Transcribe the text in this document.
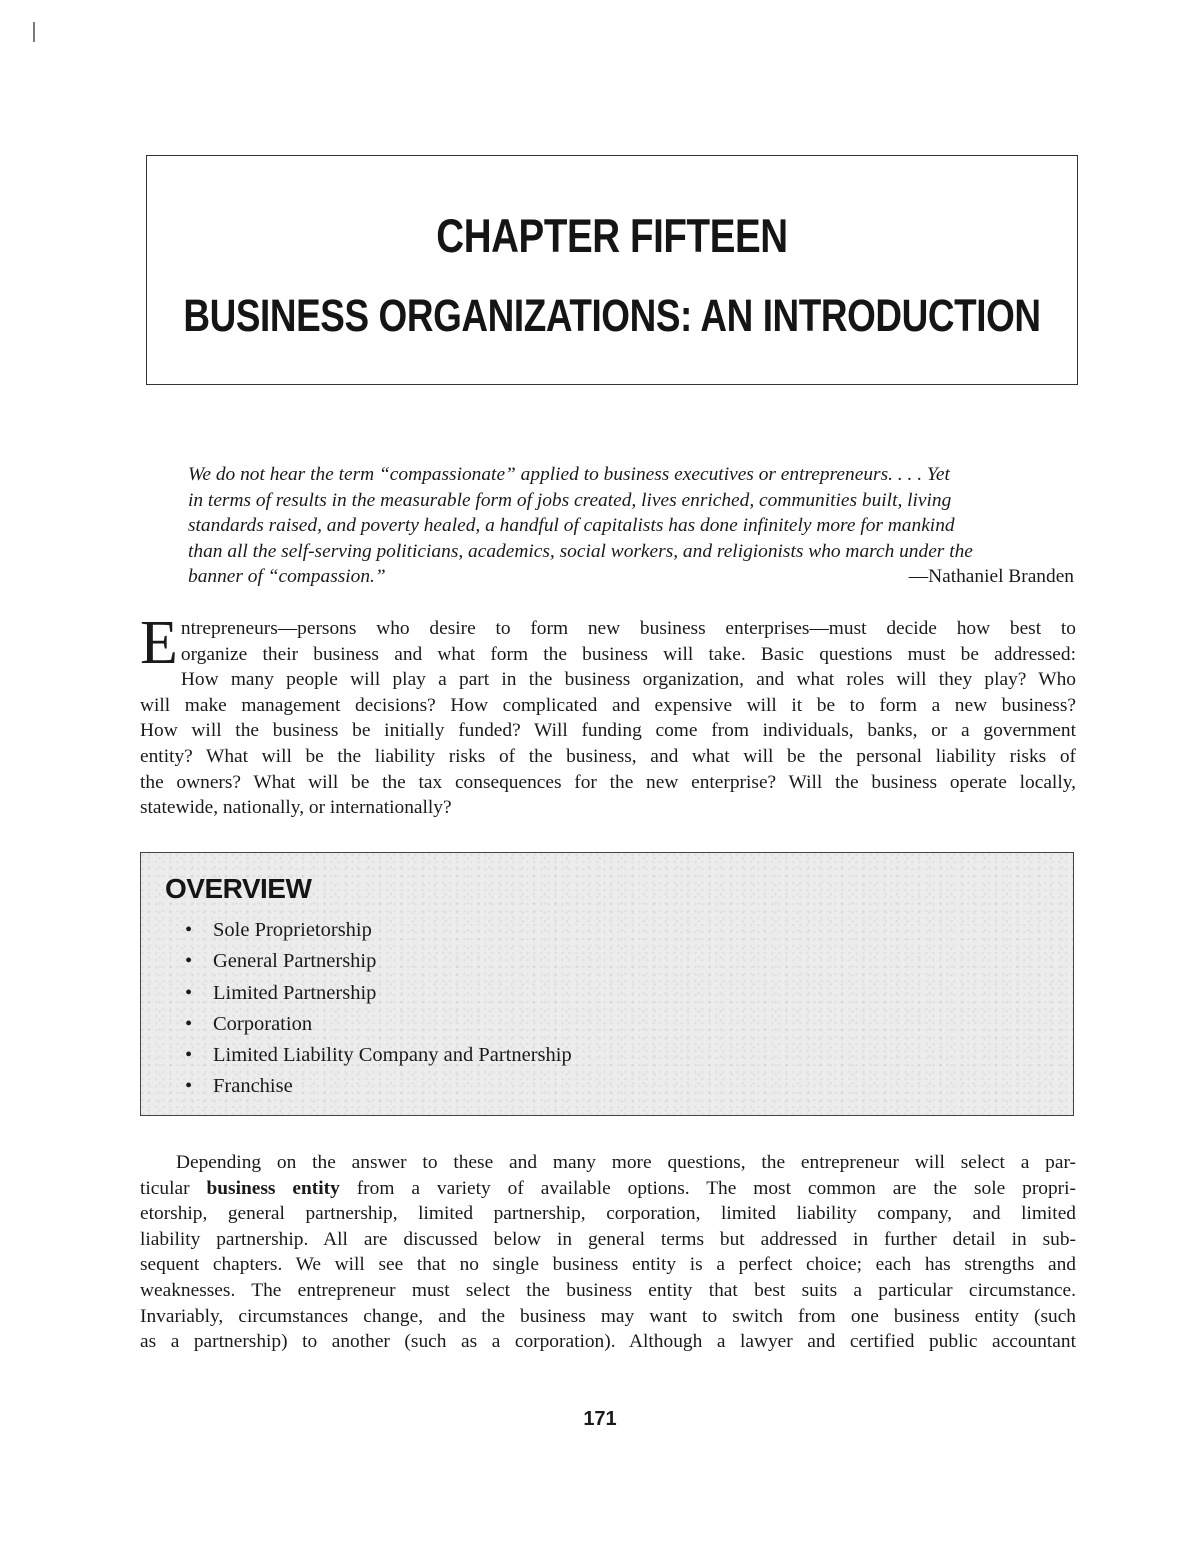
CHAPTER FIFTEEN
BUSINESS ORGANIZATIONS: AN INTRODUCTION
We do not hear the term “compassionate” applied to business executives or entrepreneurs. . . . Yet
in terms of results in the measurable form of jobs created, lives enriched, communities built, living
standards raised, and poverty healed, a handful of capitalists has done infinitely more for mankind
than all the self-serving politicians, academics, social workers, and religionists who march under the
banner of “compassion.”	—Nathaniel Branden
E ntrepreneurs—persons who desire to form new business enterprises—must decide how best to
organize their business and what form the business will take. Basic questions must be addressed:
How many people will play a part in the business organization, and what roles will they play? Who
will make management decisions? How complicated and expensive will it be to form a new business?
How will the business be initially funded? Will funding come from individuals, banks, or a government
entity? What will be the liability risks of the business, and what will be the personal liability risks of
the owners? What will be the tax consequences for the new enterprise? Will the business operate locally,
statewide, nationally, or internationally?
OVERVIEW
• Sole Proprietorship
• General Partnership
• Limited Partnership
• Corporation
• Limited Liability Company and Partnership
• Franchise
Depending on the answer to these and many more questions, the entrepreneur will select a par-
ticular business entity from a variety of available options. The most common are the sole propri-
etorship, general partnership, limited partnership, corporation, limited liability company, and limited
liability partnership. All are discussed below in general terms but addressed in further detail in sub-
sequent chapters. We will see that no single business entity is a perfect choice; each has strengths and
weaknesses. The entrepreneur must select the business entity that best suits a particular circumstance.
Invariably, circumstances change, and the business may want to switch from one business entity (such
as a partnership) to another (such as a corporation). Although a lawyer and certified public accountant
171
